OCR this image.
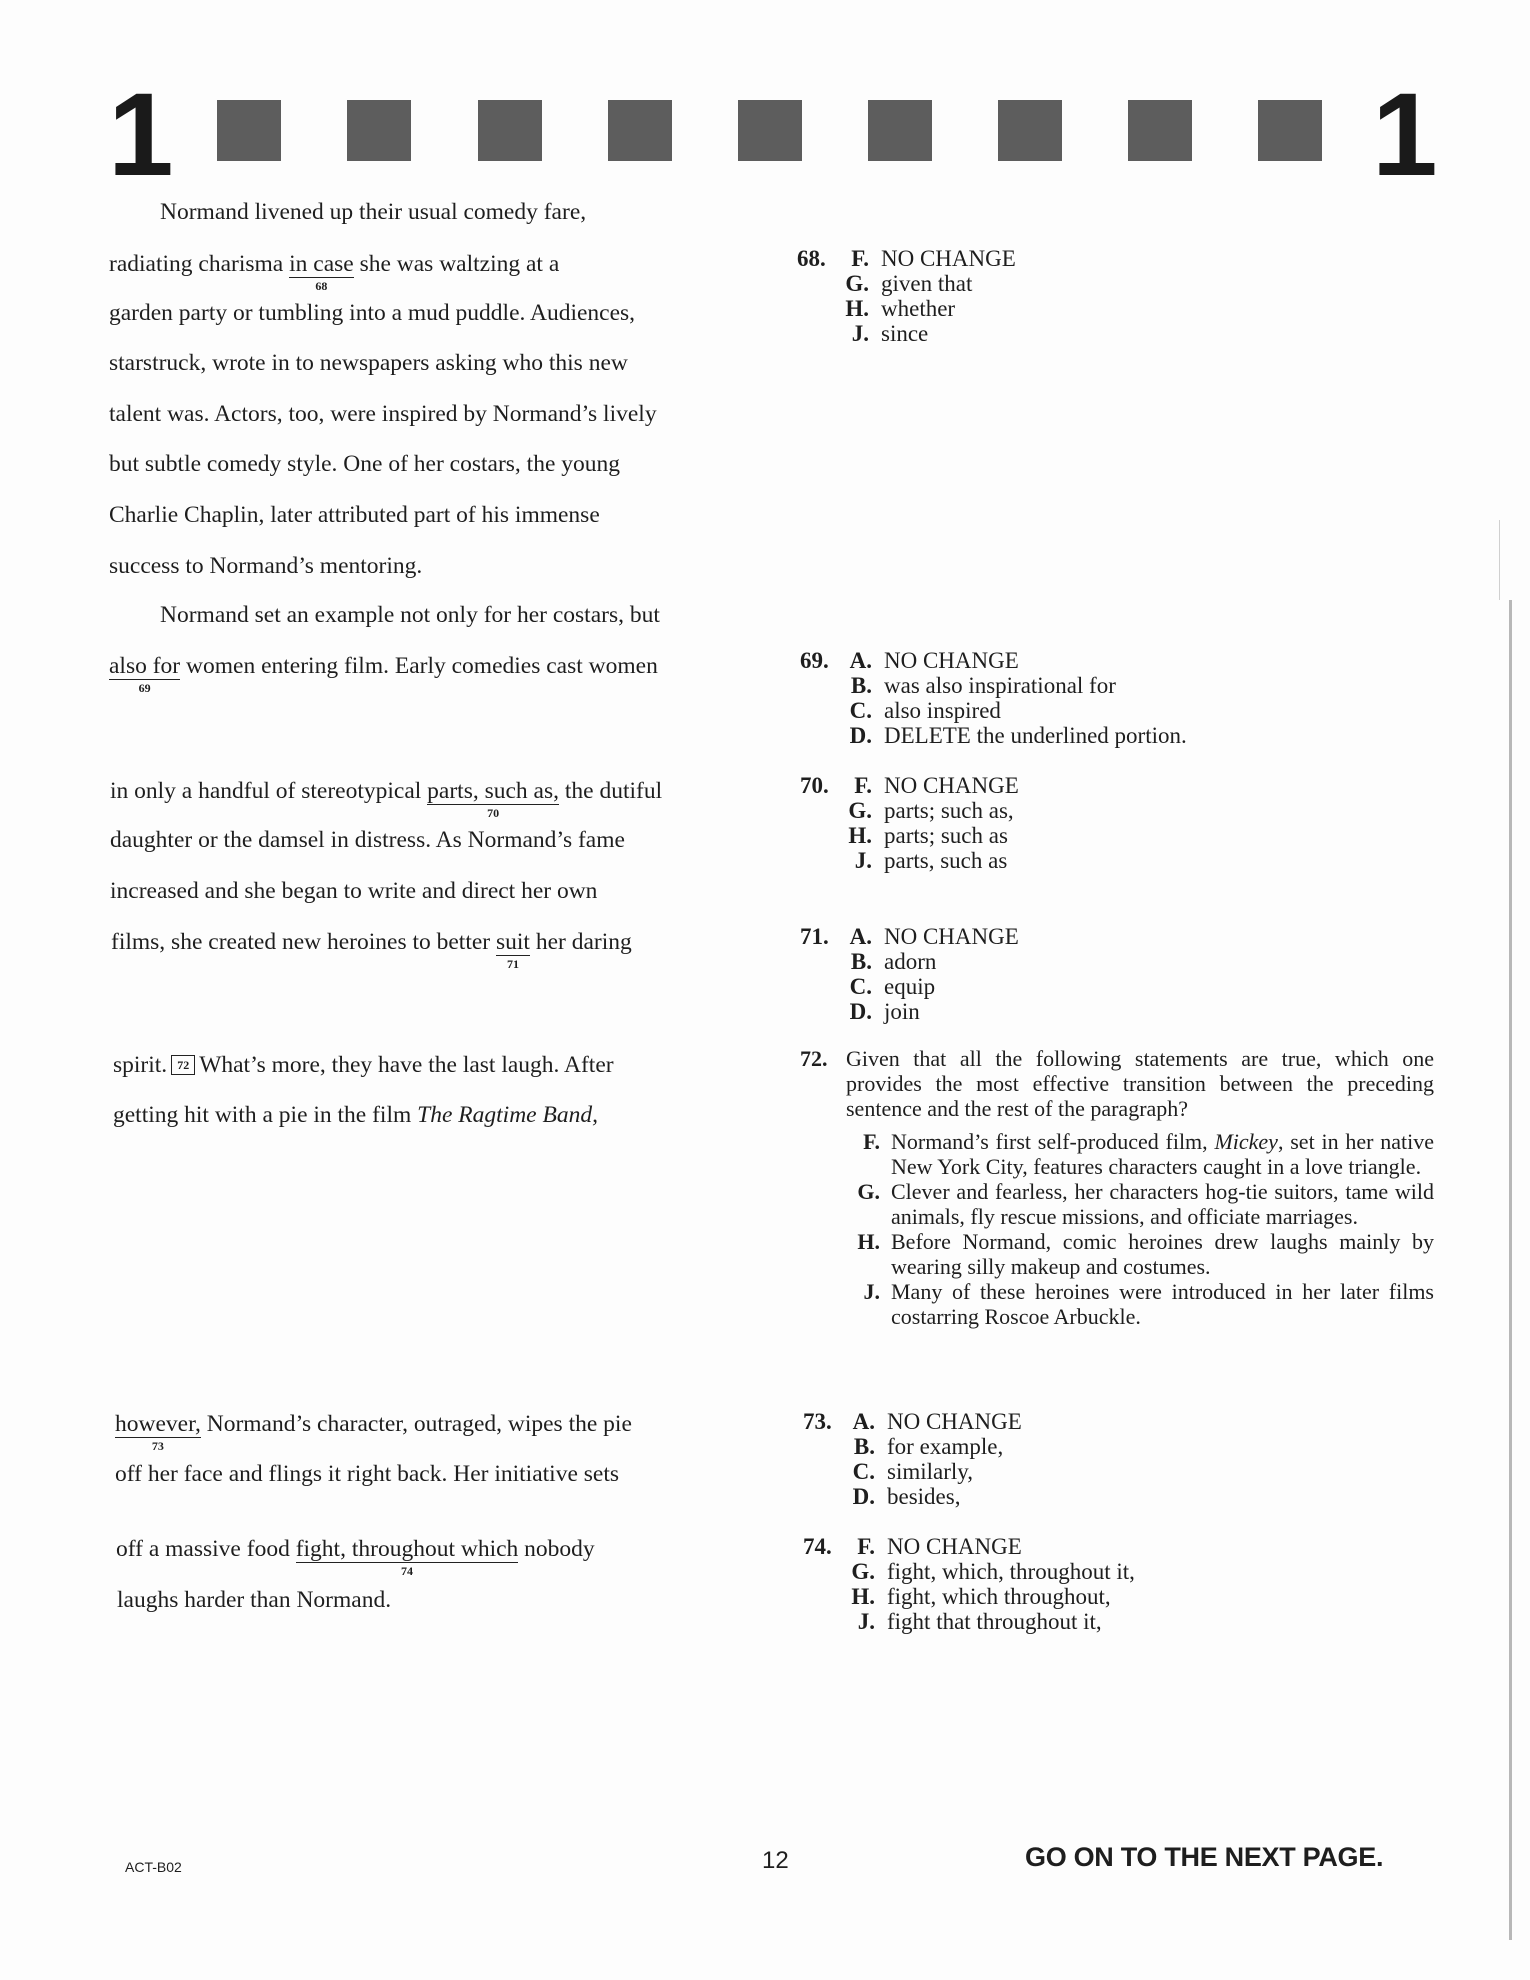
1	1
Normand livened up their usual comedy fare,
radiating charisma in case
68
she was waltzing at a
garden party or tumbling into a mud puddle. Audiences,
starstruck, wrote in to newspapers asking who this new
talent was. Actors, too, were inspired by Normand’s lively
but subtle comedy style. One of her costars, the young
Charlie Chaplin, later attributed part of his immense
success to Normand’s mentoring.
Normand set an example not only for her costars, but
also for
69
women entering film. Early comedies cast women
in only a handful of stereotypical parts, such as,
70
the dutiful
daughter or the damsel in distress. As Normand’s fame
increased and she began to write and direct her own
films, she created new heroines to better suit
71
her daring
spirit. 72 What’s more, they have the last laugh. After
getting hit with a pie in the film The Ragtime Band,
however,
73
Normand’s character, outraged, wipes the pie
off her face and flings it right back. Her initiative sets
off a massive food fight, throughout which
74
nobody
laughs harder than Normand.
68.	F. NO CHANGE
G. given that
H. whether
J. since
69. A. NO CHANGE
B. was also inspirational for
C. also inspired
D. DELETE the underlined portion.
70.	F. NO CHANGE
G. parts; such as,
H. parts; such as
J. parts, such as
71. A. NO CHANGE
B. adorn
C. equip
D. join
72. Given that all the following statements are true, which one provides the most effective transition between the preceding sentence and the rest of the paragraph?
F. Normand’s first self-produced film, Mickey, set in her native New York City, features characters caught in a love triangle.
G. Clever and fearless, her characters hog-tie suitors, tame wild animals, fly rescue missions, and officiate marriages.
H. Before Normand, comic heroines drew laughs mainly by wearing silly makeup and costumes.
J. Many of these heroines were introduced in her later films costarring Roscoe Arbuckle.
73. A. NO CHANGE
B. for example,
C. similarly,
D. besides,
74.	F. NO CHANGE
G. fight, which, throughout it,
H. fight, which throughout,
J. fight that throughout it,
ACT-B02	12	GO ON TO THE NEXT PAGE.
